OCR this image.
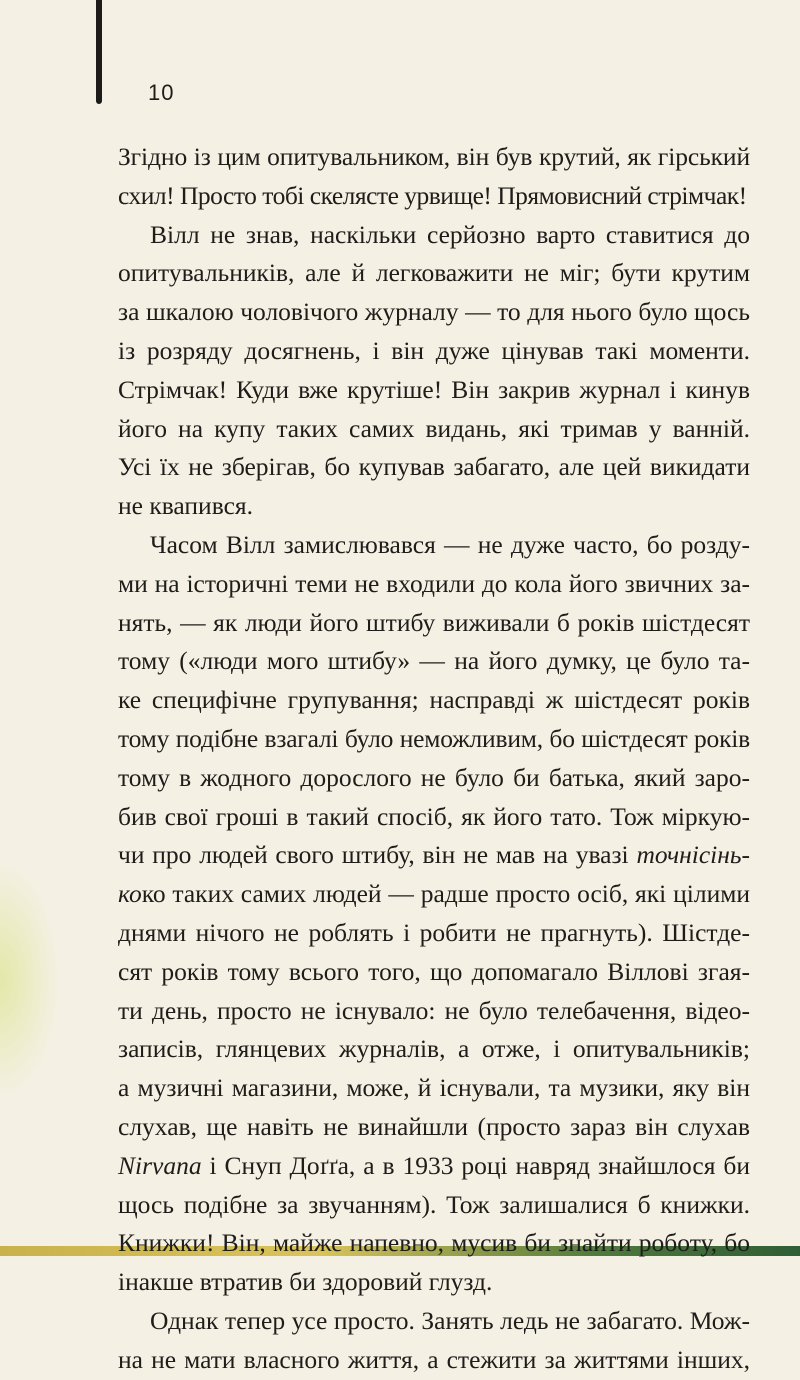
10

Згідно із цим опитувальником, він був крутий, як гірський
схил! Просто тобі скелясте урвище! Прямовисний стрімчак!

Вілл не знав, наскільки серйозно варто ставитися до
опитувальників, але й легковажити не міг; бути крутим
за шкалою чоловічого журналу — то для нього було щось
із розряду досягнень, і він дуже цінував такі моменти.
Стрімчак! Куди вже крутіше! Він закрив журнал і кинув
його на купу таких самих видань, які тримав у ванній.
Усі їх не зберігав, бо купував забагато, але цей викидати
не квапився.

Часом Вілл замислювався — не дуже часто, бо розду-
ми на історичні теми не входили до кола його звичних за-
нять, — як люди його штибу виживали б років шістдесят
тому («люди мого штибу» — на його думку, це було та-
ке специфічне групування; насправді ж шістдесят років
тому подібне взагалі було неможливим, бо шістдесят років
тому в жодного дорослого не було би батька, який заро-
бив свої гроші в такий спосіб, як його тато. Тож міркую-
чи про людей свого штибу, він не мав на увазі точнісінь-
коко таких самих людей — радше просто осіб, які цілими
днями нічого не роблять і робити не прагнуть). Шістде-
сят років тому всього того, що допомагало Віллові згая-
ти день, просто не існувало: не було телебачення, відео-
записів, глянцевих журналів, а отже, і опитувальників;
а музичні магазини, може, й існували, та музики, яку він
слухав, ще навіть не винайшли (просто зараз він слухав
Nirvana і Снуп Доґґа, а в 1933 році навряд знайшлося би
щось подібне за звучанням). Тож залишалися б книжки.
Книжки! Він, майже напевно, мусив би знайти роботу, бо
інакше втратив би здоровий глузд.

Однак тепер усе просто. Занять ледь не забагато. Мож-
на не мати власного життя, а стежити за життями інших,
